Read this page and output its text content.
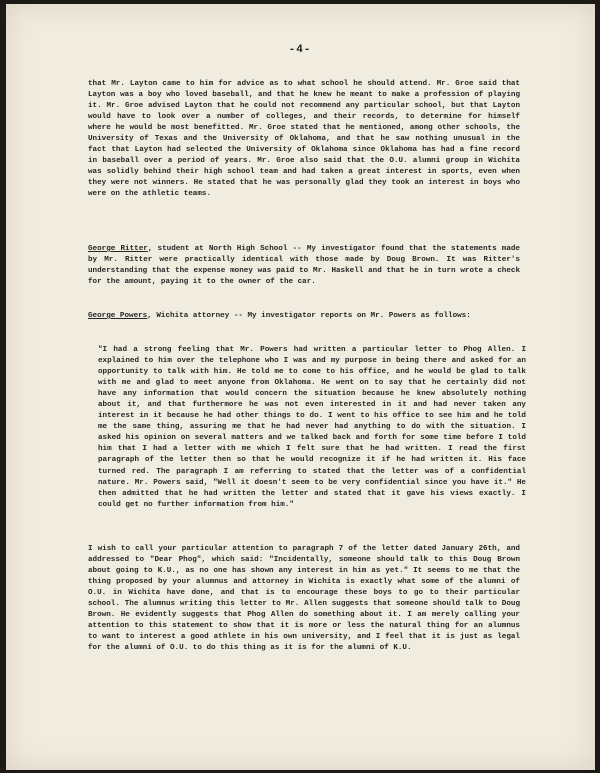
-4-

that Mr. Layton came to him for advice as to what school he should attend. Mr. Groe said that Layton was a boy who loved baseball, and that he knew he meant to make a profession of playing it. Mr. Groe advised Layton that he could not recommend any particular school, but that Layton would have to look over a number of colleges, and their records, to determine for himself where he would be most benefitted. Mr. Groe stated that he mentioned, among other schools, the University of Texas and the University of Oklahoma, and that he saw nothing unusual in the fact that Layton had selected the University of Oklahoma since Oklahoma has had a fine record in baseball over a period of years. Mr. Groe also said that the O.U. alumni group in Wichita was solidly behind their high school team and had taken a great interest in sports, even when they were not winners. He stated that he was personally glad they took an interest in boys who were on the athletic teams.

George Ritter, student at North High School -- My investigator found that the statements made by Mr. Ritter were practically identical with those made by Doug Brown. It was Ritter's understanding that the expense money was paid to Mr. Haskell and that he in turn wrote a check for the amount, paying it to the owner of the car.

George Powers, Wichita attorney -- My investigator reports on Mr. Powers as follows:

"I had a strong feeling that Mr. Powers had written a particular letter to Phog Allen. I explained to him over the telephone who I was and my purpose in being there and asked for an opportunity to talk with him. He told me to come to his office, and he would be glad to talk with me and glad to meet anyone from Oklahoma. He went on to say that he certainly did not have any information that would concern the situation because he knew absolutely nothing about it, and that furthermore he was not even interested in it and had never taken any interest in it because he had other things to do. I went to his office to see him and he told me the same thing, assuring me that he had never had anything to do with the situation. I asked his opinion on several matters and we talked back and forth for some time before I told him that I had a letter with me which I felt sure that he had written. I read the first paragraph of the letter then so that he would recognize it if he had written it. His face turned red. The paragraph I am referring to stated that the letter was of a confidential nature. Mr. Powers said, "Well it doesn't seem to be very confidential since you have it." He then admitted that he had written the letter and stated that it gave his views exactly. I could get no further information from him."

I wish to call your particular attention to paragraph 7 of the letter dated January 26th, and addressed to "Dear Phog", which said: "Incidentally, someone should talk to this Doug Brown about going to K.U., as no one has shown any interest in him as yet." It seems to me that the thing proposed by your alumnus and attorney in Wichita is exactly what some of the alumni of O.U. in Wichita have done, and that is to encourage these boys to go to their particular school. The alumnus writing this letter to Mr. Allen suggests that someone should talk to Doug Brown. He evidently suggests that Phog Allen do something about it. I am merely calling your attention to this statement to show that it is more or less the natural thing for an alumnus to want to interest a good athlete in his own university, and I feel that it is just as legal for the alumni of O.U. to do this thing as it is for the alumni of K.U.
